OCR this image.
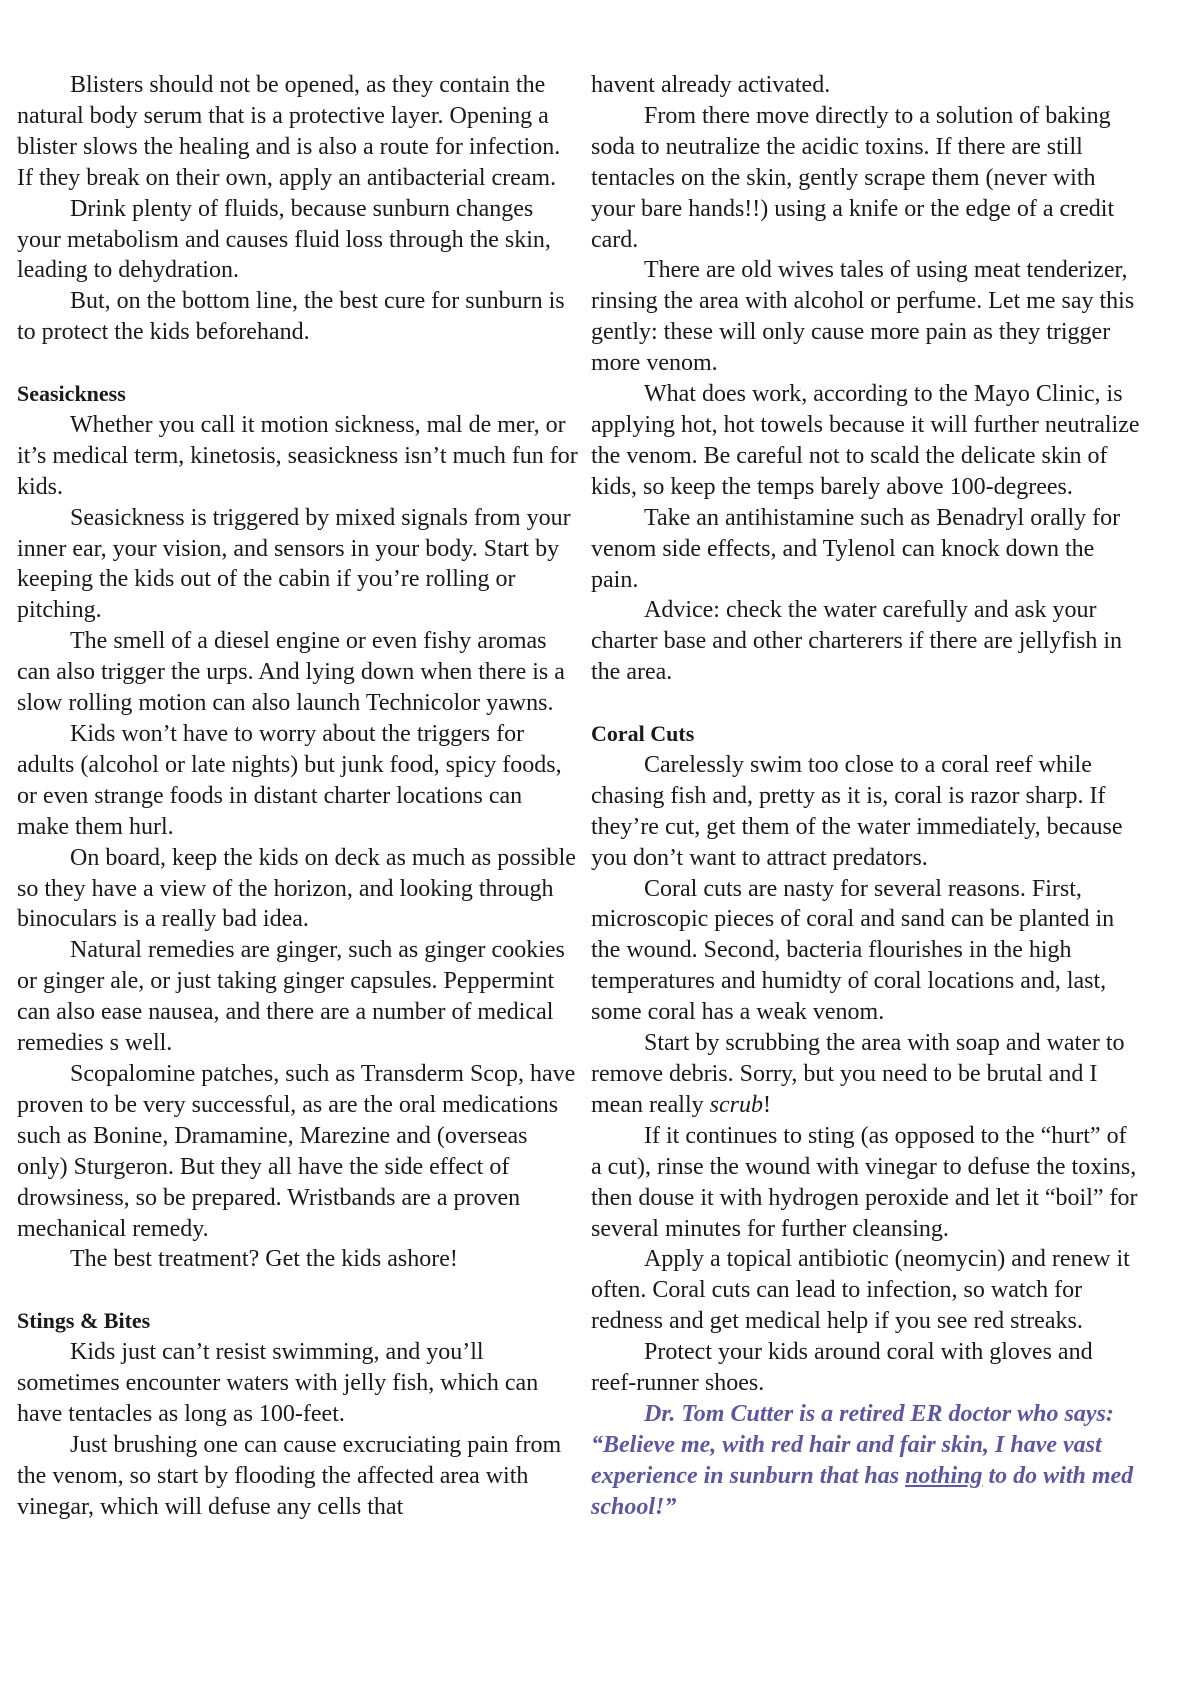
Blisters should not be opened, as they contain the natural body serum that is a protective layer. Opening a blister slows the healing and is also a route for infection. If they break on their own, apply an antibacterial cream.

Drink plenty of fluids, because sunburn changes your metabolism and causes fluid loss through the skin, leading to dehydration.

But, on the bottom line, the best cure for sunburn is to protect the kids beforehand.

Seasickness

Whether you call it motion sickness, mal de mer, or it’s medical term, kinetosis, seasickness isn’t much fun for kids.

Seasickness is triggered by mixed signals from your inner ear, your vision, and sensors in your body. Start by keeping the kids out of the cabin if you’re rolling or pitching.

The smell of a diesel engine or even fishy aromas can also trigger the urps. And lying down when there is a slow rolling motion can also launch Technicolor yawns.

Kids won’t have to worry about the triggers for adults (alcohol or late nights) but junk food, spicy foods, or even strange foods in distant charter locations can make them hurl.

On board, keep the kids on deck as much as possible so they have a view of the horizon, and looking through binoculars is a really bad idea.

Natural remedies are ginger, such as ginger cookies or ginger ale, or just taking ginger capsules. Peppermint can also ease nausea, and there are a number of medical remedies s well.

Scopalomine patches, such as Transderm Scop, have proven to be very successful, as are the oral medications such as Bonine, Dramamine, Marezine and (overseas only) Sturgeron. But they all have the side effect of drowsiness, so be prepared. Wristbands are a proven mechanical remedy.

The best treatment? Get the kids ashore!

Stings & Bites

Kids just can’t resist swimming, and you’ll sometimes encounter waters with jelly fish, which can have tentacles as long as 100-feet.

Just brushing one can cause excruciating pain from the venom, so start by flooding the affected area with vinegar, which will defuse any cells that

havent already activated.

From there move directly to a solution of baking soda to neutralize the acidic toxins. If there are still tentacles on the skin, gently scrape them (never with your bare hands!!) using a knife or the edge of a credit card.

There are old wives tales of using meat tenderizer, rinsing the area with alcohol or perfume. Let me say this gently: these will only cause more pain as they trigger more venom.

What does work, according to the Mayo Clinic, is applying hot, hot towels because it will further neutralize the venom. Be careful not to scald the delicate skin of kids, so keep the temps barely above 100-degrees.

Take an antihistamine such as Benadryl orally for venom side effects, and Tylenol can knock down the pain.

Advice: check the water carefully and ask your charter base and other charterers if there are jellyfish in the area.

Coral Cuts

Carelessly swim too close to a coral reef while chasing fish and, pretty as it is, coral is razor sharp. If they’re cut, get them of the water immediately, because you don’t want to attract predators.

Coral cuts are nasty for several reasons. First, microscopic pieces of coral and sand can be planted in the wound. Second, bacteria flourishes in the high temperatures and humidty of coral locations and, last, some coral has a weak venom.

Start by scrubbing the area with soap and water to remove debris. Sorry, but you need to be brutal and I mean really scrub!

If it continues to sting (as opposed to the “hurt” of a cut), rinse the wound with vinegar to defuse the toxins, then douse it with hydrogen peroxide and let it “boil” for several minutes for further cleansing.

Apply a topical antibiotic (neomycin) and renew it often. Coral cuts can lead to infection, so watch for redness and get medical help if you see red streaks.

Protect your kids around coral with gloves and reef-runner shoes.

Dr. Tom Cutter is a retired ER doctor who says: “Believe me, with red hair and fair skin, I have vast experience in sunburn that has nothing to do with med school!”
